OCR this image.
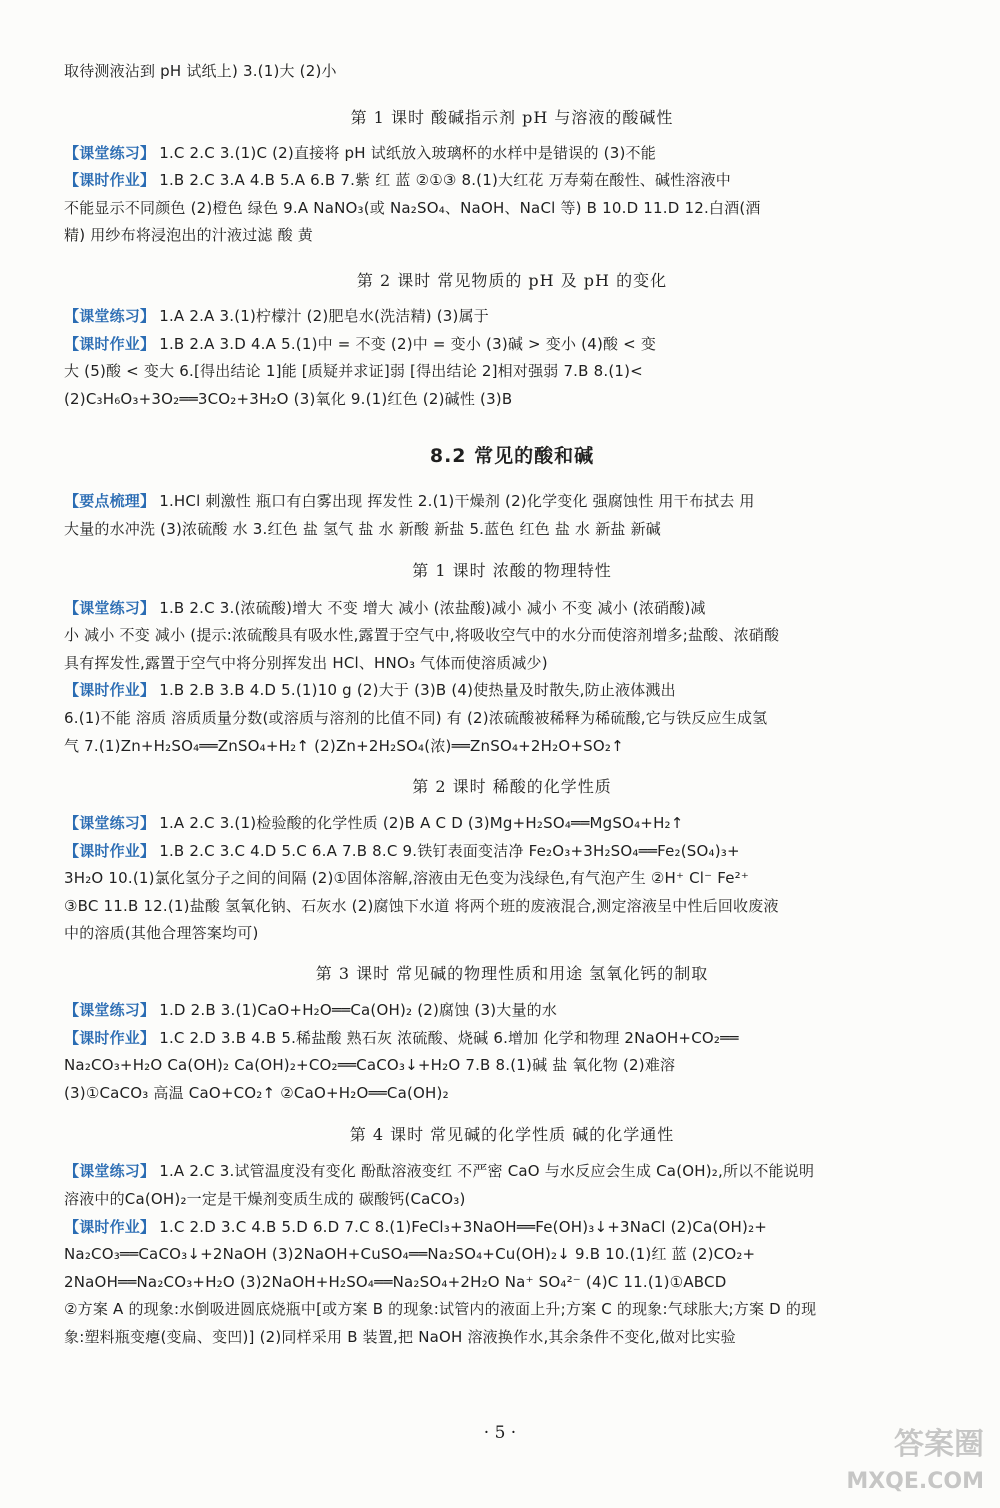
取待测液沾到 pH 试纸上) 3.(1)大 (2)小

第 1 课时 酸碱指示剂 pH 与溶液的酸碱性

【课堂练习】 1.C 2.C 3.(1)C (2)直接将 pH 试纸放入玻璃杯的水样中是错误的 (3)不能

【课时作业】 1.B 2.C 3.A 4.B 5.A 6.B 7.紫 红 蓝 ②①③ 8.(1)大红花 万寿菊在酸性、碱性溶液中

不能显示不同颜色 (2)橙色 绿色 9.A NaNO₃(或 Na₂SO₄、NaOH、NaCl 等) B 10.D 11.D 12.白酒(酒

精) 用纱布将浸泡出的汁液过滤 酸 黄

第 2 课时 常见物质的 pH 及 pH 的变化

【课堂练习】 1.A 2.A 3.(1)柠檬汁 (2)肥皂水(洗洁精) (3)属于

【课时作业】 1.B 2.A 3.D 4.A 5.(1)中 = 不变 (2)中 = 变小 (3)碱 > 变小 (4)酸 < 变

大 (5)酸 < 变大 6.[得出结论 1]能 [质疑并求证]弱 [得出结论 2]相对强弱 7.B 8.(1)<

(2)C₃H₆O₃+3O₂══3CO₂+3H₂O (3)氧化 9.(1)红色 (2)碱性 (3)B

8.2 常见的酸和碱

【要点梳理】 1.HCl 刺激性 瓶口有白雾出现 挥发性 2.(1)干燥剂 (2)化学变化 强腐蚀性 用干布拭去 用

大量的水冲洗 (3)浓硫酸 水 3.红色 盐 氢气 盐 水 新酸 新盐 5.蓝色 红色 盐 水 新盐 新碱

第 1 课时 浓酸的物理特性

【课堂练习】 1.B 2.C 3.(浓硫酸)增大 不变 增大 减小 (浓盐酸)减小 减小 不变 减小 (浓硝酸)减

小 减小 不变 减小 (提示:浓硫酸具有吸水性,露置于空气中,将吸收空气中的水分而使溶剂增多;盐酸、浓硝酸

具有挥发性,露置于空气中将分别挥发出 HCl、HNO₃ 气体而使溶质减少)

【课时作业】 1.B 2.B 3.B 4.D 5.(1)10 g (2)大于 (3)B (4)使热量及时散失,防止液体溅出

6.(1)不能 溶质 溶质质量分数(或溶质与溶剂的比值不同) 有 (2)浓硫酸被稀释为稀硫酸,它与铁反应生成氢

气 7.(1)Zn+H₂SO₄══ZnSO₄+H₂↑ (2)Zn+2H₂SO₄(浓)══ZnSO₄+2H₂O+SO₂↑

第 2 课时 稀酸的化学性质

【课堂练习】 1.A 2.C 3.(1)检验酸的化学性质 (2)B A C D (3)Mg+H₂SO₄══MgSO₄+H₂↑

【课时作业】 1.B 2.C 3.C 4.D 5.C 6.A 7.B 8.C 9.铁钉表面变洁净 Fe₂O₃+3H₂SO₄══Fe₂(SO₄)₃+

3H₂O 10.(1)氯化氢分子之间的间隔 (2)①固体溶解,溶液由无色变为浅绿色,有气泡产生 ②H⁺ Cl⁻ Fe²⁺

③BC 11.B 12.(1)盐酸 氢氧化钠、石灰水 (2)腐蚀下水道 将两个班的废液混合,测定溶液呈中性后回收废液

中的溶质(其他合理答案均可)

第 3 课时 常见碱的物理性质和用途 氢氧化钙的制取

【课堂练习】 1.D 2.B 3.(1)CaO+H₂O══Ca(OH)₂ (2)腐蚀 (3)大量的水

【课时作业】 1.C 2.D 3.B 4.B 5.稀盐酸 熟石灰 浓硫酸、烧碱 6.增加 化学和物理 2NaOH+CO₂══

Na₂CO₃+H₂O Ca(OH)₂ Ca(OH)₂+CO₂══CaCO₃↓+H₂O 7.B 8.(1)碱 盐 氧化物 (2)难溶

(3)①CaCO₃ 高温 CaO+CO₂↑ ②CaO+H₂O══Ca(OH)₂

第 4 课时 常见碱的化学性质 碱的化学通性

【课堂练习】 1.A 2.C 3.试管温度没有变化 酚酞溶液变红 不严密 CaO 与水反应会生成 Ca(OH)₂,所以不能说明

溶液中的Ca(OH)₂一定是干燥剂变质生成的 碳酸钙(CaCO₃)

【课时作业】 1.C 2.D 3.C 4.B 5.D 6.D 7.C 8.(1)FeCl₃+3NaOH══Fe(OH)₃↓+3NaCl (2)Ca(OH)₂+

Na₂CO₃══CaCO₃↓+2NaOH (3)2NaOH+CuSO₄══Na₂SO₄+Cu(OH)₂↓ 9.B 10.(1)红 蓝 (2)CO₂+

2NaOH══Na₂CO₃+H₂O (3)2NaOH+H₂SO₄══Na₂SO₄+2H₂O Na⁺ SO₄²⁻ (4)C 11.(1)①ABCD

②方案 A 的现象:水倒吸进圆底烧瓶中[或方案 B 的现象:试管内的液面上升;方案 C 的现象:气球胀大;方案 D 的现

象:塑料瓶变瘪(变扁、变凹)] (2)同样采用 B 装置,把 NaOH 溶液换作水,其余条件不变化,做对比实验

· 5 ·	答案圈
MXQE.COM
